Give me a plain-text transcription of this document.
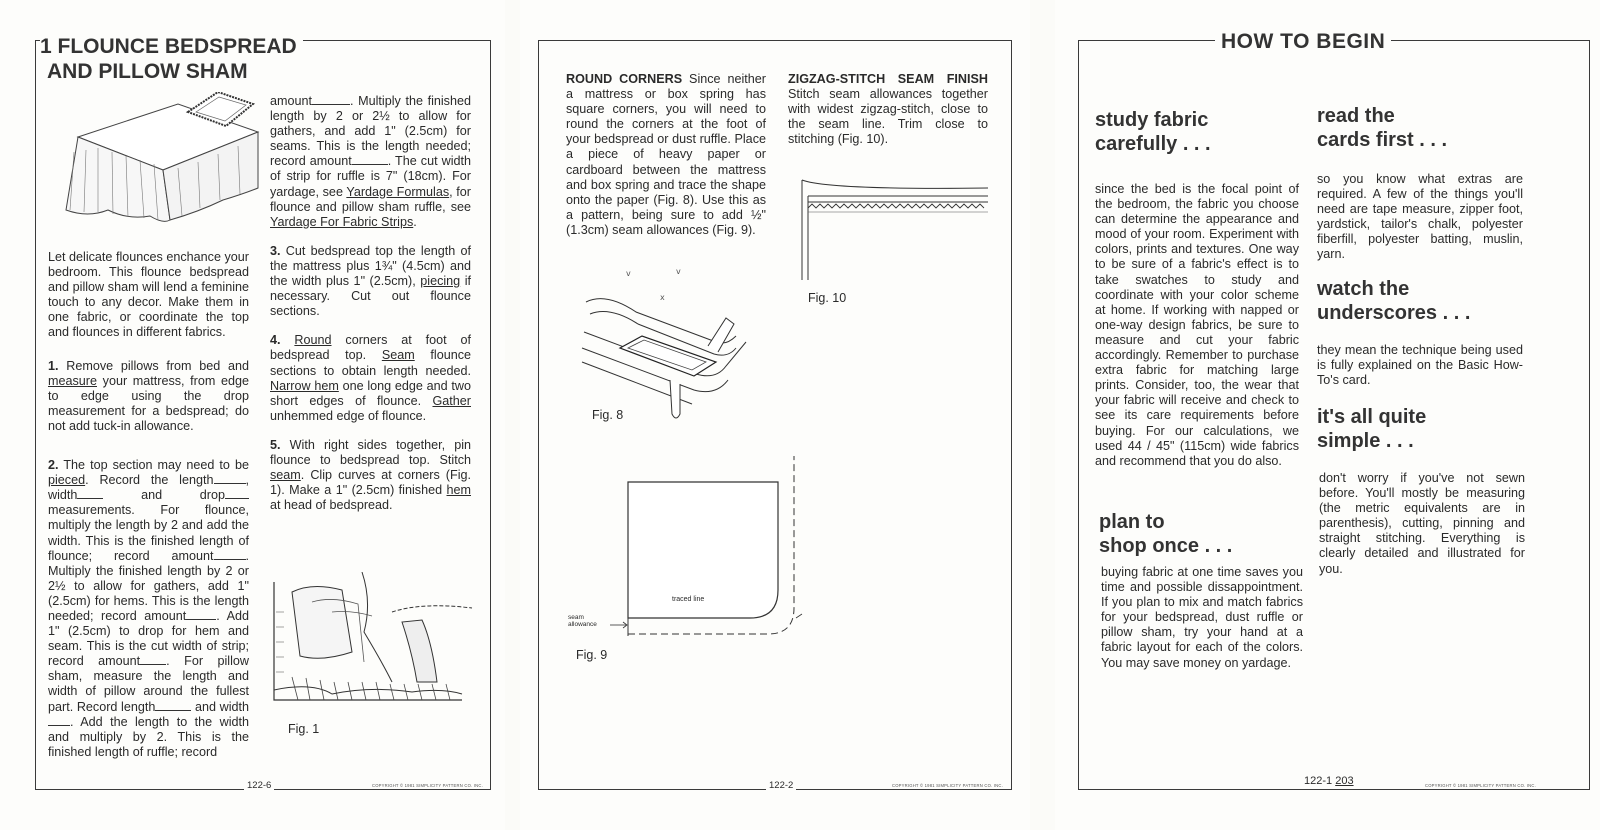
1 FLOUNCE BEDSPREAD
AND PILLOW SHAM

Let delicate flounces enchance your bedroom. This flounce bedspread and pillow sham will lend a feminine touch to any decor. Make them in one fabric, or coordinate the top and flounces in different fabrics.

1. Remove pillows from bed and measure your mattress, from edge to edge using the drop measurement for a bedspread; do not add tuck-in allowance.

2. The top section may need to be pieced. Record the length	, width	and drop measurements. For flounce, multiply the length by 2 and add the width. This is the finished length of flounce; record amount	. Multiply the finished length by 2 or 2½ to allow for gathers, add 1" (2.5cm) for hems. This is the length needed; record amount . Add 1" (2.5cm) to drop for hem and seam. This is the cut width of strip; record amount . For pillow sham, measure the length and width of pillow around the fullest part. Record length	and width. Add the length to the width and multiply by 2. This is the finished length of ruffle; record

amount	. Multiply the finished length by 2 or 2½ to allow for gathers, and add 1" (2.5cm) for seams. This is the length needed; record amount	. The cut width of strip for ruffle is 7" (18cm). For yardage, see Yardage Formulas, for flounce and pillow sham ruffle, see Yardage For Fabric Strips.

3. Cut bedspread top the length of the mattress plus 1¾" (4.5cm) and the width plus 1" (2.5cm), piecing if necessary. Cut out flounce sections.

4. Round corners at foot of bedspread top. Seam flounce sections to obtain length needed. Narrow hem one long edge and two short edges of flounce. Gather unhemmed edge of flounce.

5. With right sides together, pin flounce to bedspread top. Stitch seam. Clip curves at corners (Fig. 1). Make a 1" (2.5cm) finished hem at head of bedspread.

Fig. 1
122-6	COPYRIGHT © 1981 SIMPLICITY PATTERN CO. INC.
ROUND CORNERS Since neither a mattress or box spring has square corners, you will need to round the corners at the foot of your bedspread or dust ruffle. Place a piece of heavy paper or cardboard between the mattress and box spring and trace the shape onto the paper (Fig. 8). Use this as a pattern, being sure to add ½" (1.3cm) seam allowances (Fig. 9).
ZIGZAG-STITCH SEAM FINISH Stitch seam allowances together with widest zigzag-stitch, close to the seam line. Trim close to stitching (Fig. 10).
Fig. 10
v	v
x
Fig. 8
traced line
seam
allowance
Fig. 9
122-2	COPYRIGHT © 1981 SIMPLICITY PATTERN CO. INC.
HOW TO BEGIN
study fabric
carefully . . .
since the bed is the focal point of the bedroom, the fabric you choose can determine the appearance and mood of your room. Experiment with colors, prints and textures. One way to be sure of a fabric's effect is to take swatches to study and coordinate with your color scheme at home. If working with napped or one-way design fabrics, be sure to measure and cut your fabric accordingly. Remember to purchase extra fabric for matching large prints. Consider, too, the wear that your fabric will receive and check to see its care requirements before buying. For our calculations, we used 44 / 45" (115cm) wide fabrics and recommend that you do also.
plan to
shop once . . .
buying fabric at one time saves you time and possible dissappointment. If you plan to mix and match fabrics for your bedspread, dust ruffle or pillow sham, try your hand at a fabric layout for each of the colors. You may save money on yardage.
read the
cards first . . .
so you know what extras are required. A few of the things you'll need are tape measure, zipper foot, yardstick, tailor's chalk, polyester fiberfill, polyester batting, muslin, yarn.
watch the
underscores . . .
they mean the technique being used is fully explained on the Basic How-To's card.
it's all quite
simple . . .
don't worry if you've not sewn before. You'll mostly be measuring (the metric equivalents are in parenthesis), cutting, pinning and straight stitching. Everything is clearly detailed and illustrated for you.
122-1 203	COPYRIGHT © 1981 SIMPLICITY PATTERN CO. INC.
